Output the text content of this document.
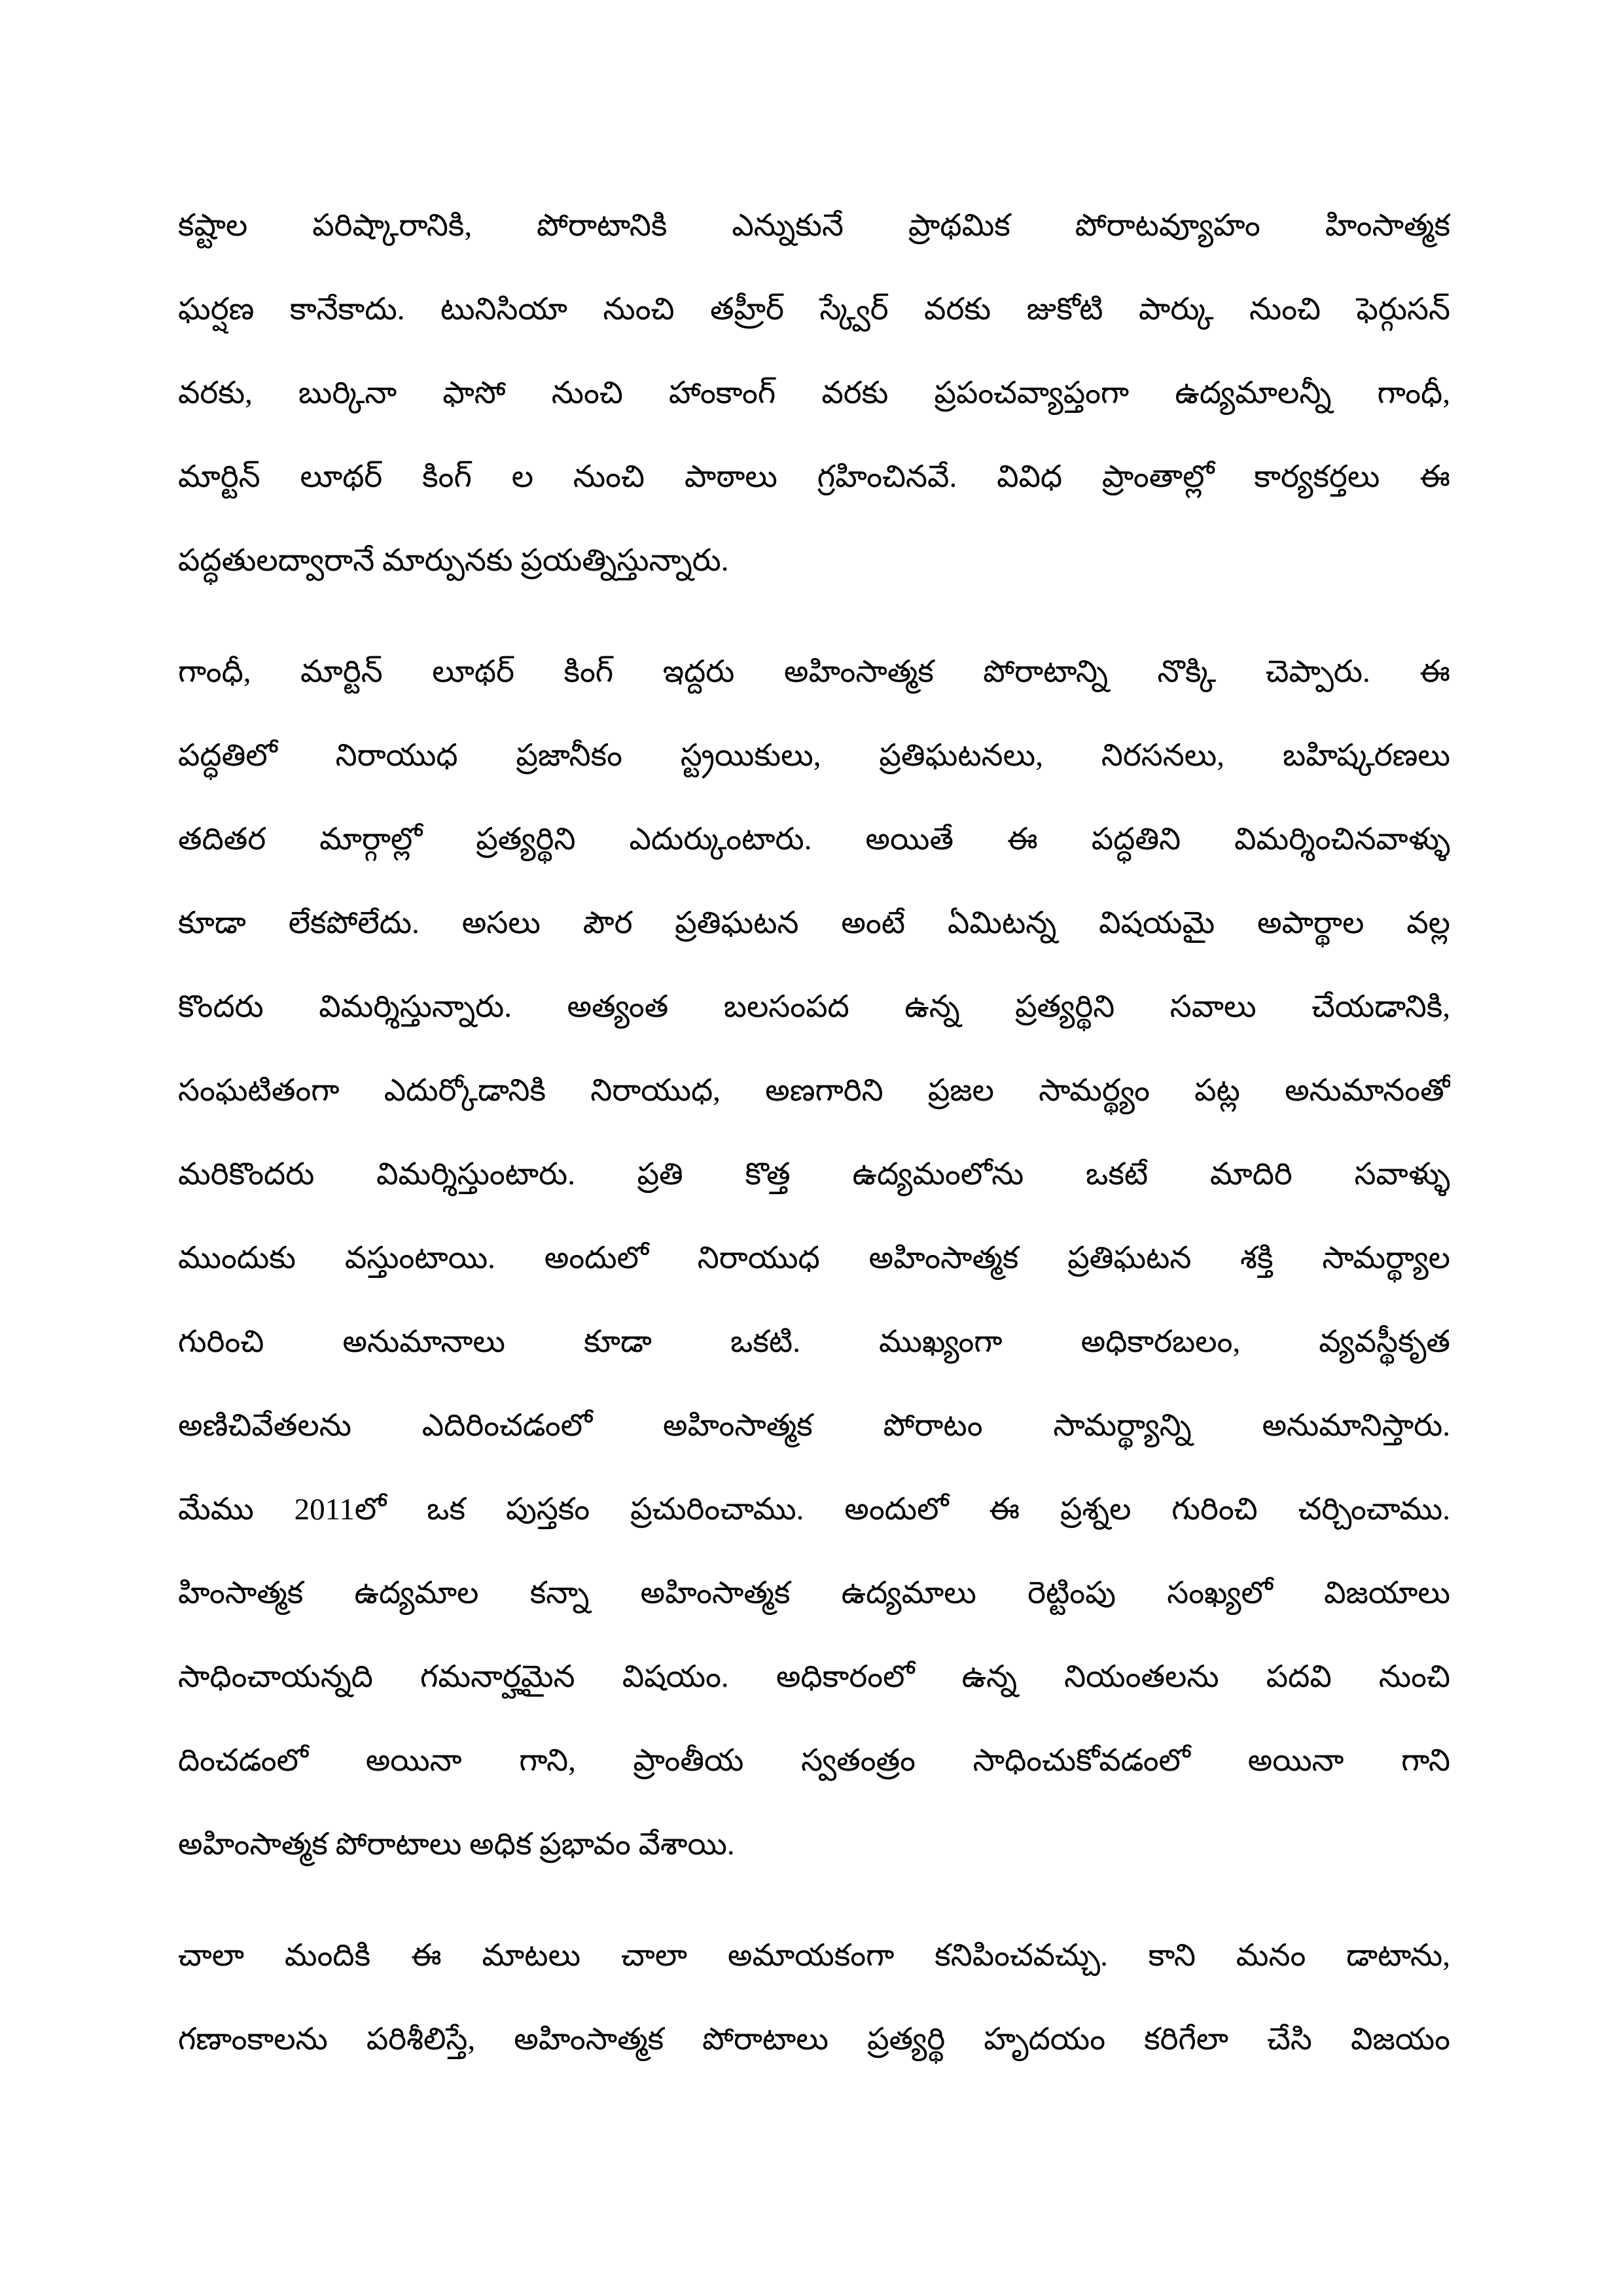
కష్టాల పరిష్కారానికి, పోరాటానికి ఎన్నుకునే ప్రాథమిక పోరాటవ్యూహం హింసాత్మక
ఘర్షణ కానేకాదు. టునిసియా నుంచి తహ్రీర్ స్క్వేర్ వరకు జుకోటి పార్కు నుంచి ఫెర్గుసన్
వరకు, బుర్కినా ఫాసో నుంచి హాంకాంగ్ వరకు ప్రపంచవ్యాప్తంగా ఉద్యమాలన్నీ గాంధీ,
మార్టిన్ లూథర్ కింగ్ ల నుంచి పాఠాలు గ్రహించినవే. వివిధ ప్రాంతాల్లో కార్యకర్తలు ఈ
పద్ధతులద్వారానే మార్పునకు ప్రయత్నిస్తున్నారు.
గాంధీ, మార్టిన్ లూథర్ కింగ్ ఇద్దరు అహింసాత్మక పోరాటాన్ని నొక్కి చెప్పారు. ఈ
పద్ధతిలో నిరాయుధ ప్రజానీకం స్ట్రయికులు, ప్రతిఘటనలు, నిరసనలు, బహిష్కరణలు
తదితర మార్గాల్లో ప్రత్యర్థిని ఎదుర్కుంటారు. అయితే ఈ పద్ధతిని విమర్శించినవాళ్ళు
కూడా లేకపోలేదు. అసలు పౌర ప్రతిఘటన అంటే ఏమిటన్న విషయమై అపార్థాల వల్ల
కొందరు విమర్శిస్తున్నారు. అత్యంత బలసంపద ఉన్న ప్రత్యర్థిని సవాలు చేయడానికి,
సంఘటితంగా ఎదుర్కోడానికి నిరాయుధ, అణగారిని ప్రజల సామర్థ్యం పట్ల అనుమానంతో
మరికొందరు విమర్శిస్తుంటారు. ప్రతి కొత్త ఉద్యమంలోను ఒకటే మాదిరి సవాళ్ళు
ముందుకు వస్తుంటాయి. అందులో నిరాయుధ అహింసాత్మక ప్రతిఘటన శక్తి సామర్థ్యాల
గురించి అనుమానాలు కూడా ఒకటి. ముఖ్యంగా అధికారబలం, వ్యవస్థీకృత
అణిచివేతలను ఎదిరించడంలో అహింసాత్మక పోరాటం సామర్థ్యాన్ని అనుమానిస్తారు.
మేము 2011లో ఒక పుస్తకం ప్రచురించాము. అందులో ఈ ప్రశ్నల గురించి చర్చించాము.
హింసాత్మక ఉద్యమాల కన్నా అహింసాత్మక ఉద్యమాలు రెట్టింపు సంఖ్యలో విజయాలు
సాధించాయన్నది గమనార్హమైన విషయం. అధికారంలో ఉన్న నియంతలను పదవి నుంచి
దించడంలో అయినా గాని, ప్రాంతీయ స్వతంత్రం సాధించుకోవడంలో అయినా గాని
అహింసాత్మక పోరాటాలు అధిక ప్రభావం వేశాయి.
చాలా మందికి ఈ మాటలు చాలా అమాయకంగా కనిపించవచ్చు. కాని మనం డాటాను,
గణాంకాలను పరిశీలిస్తే, అహింసాత్మక పోరాటాలు ప్రత్యర్థి హృదయం కరిగేలా చేసి విజయం
